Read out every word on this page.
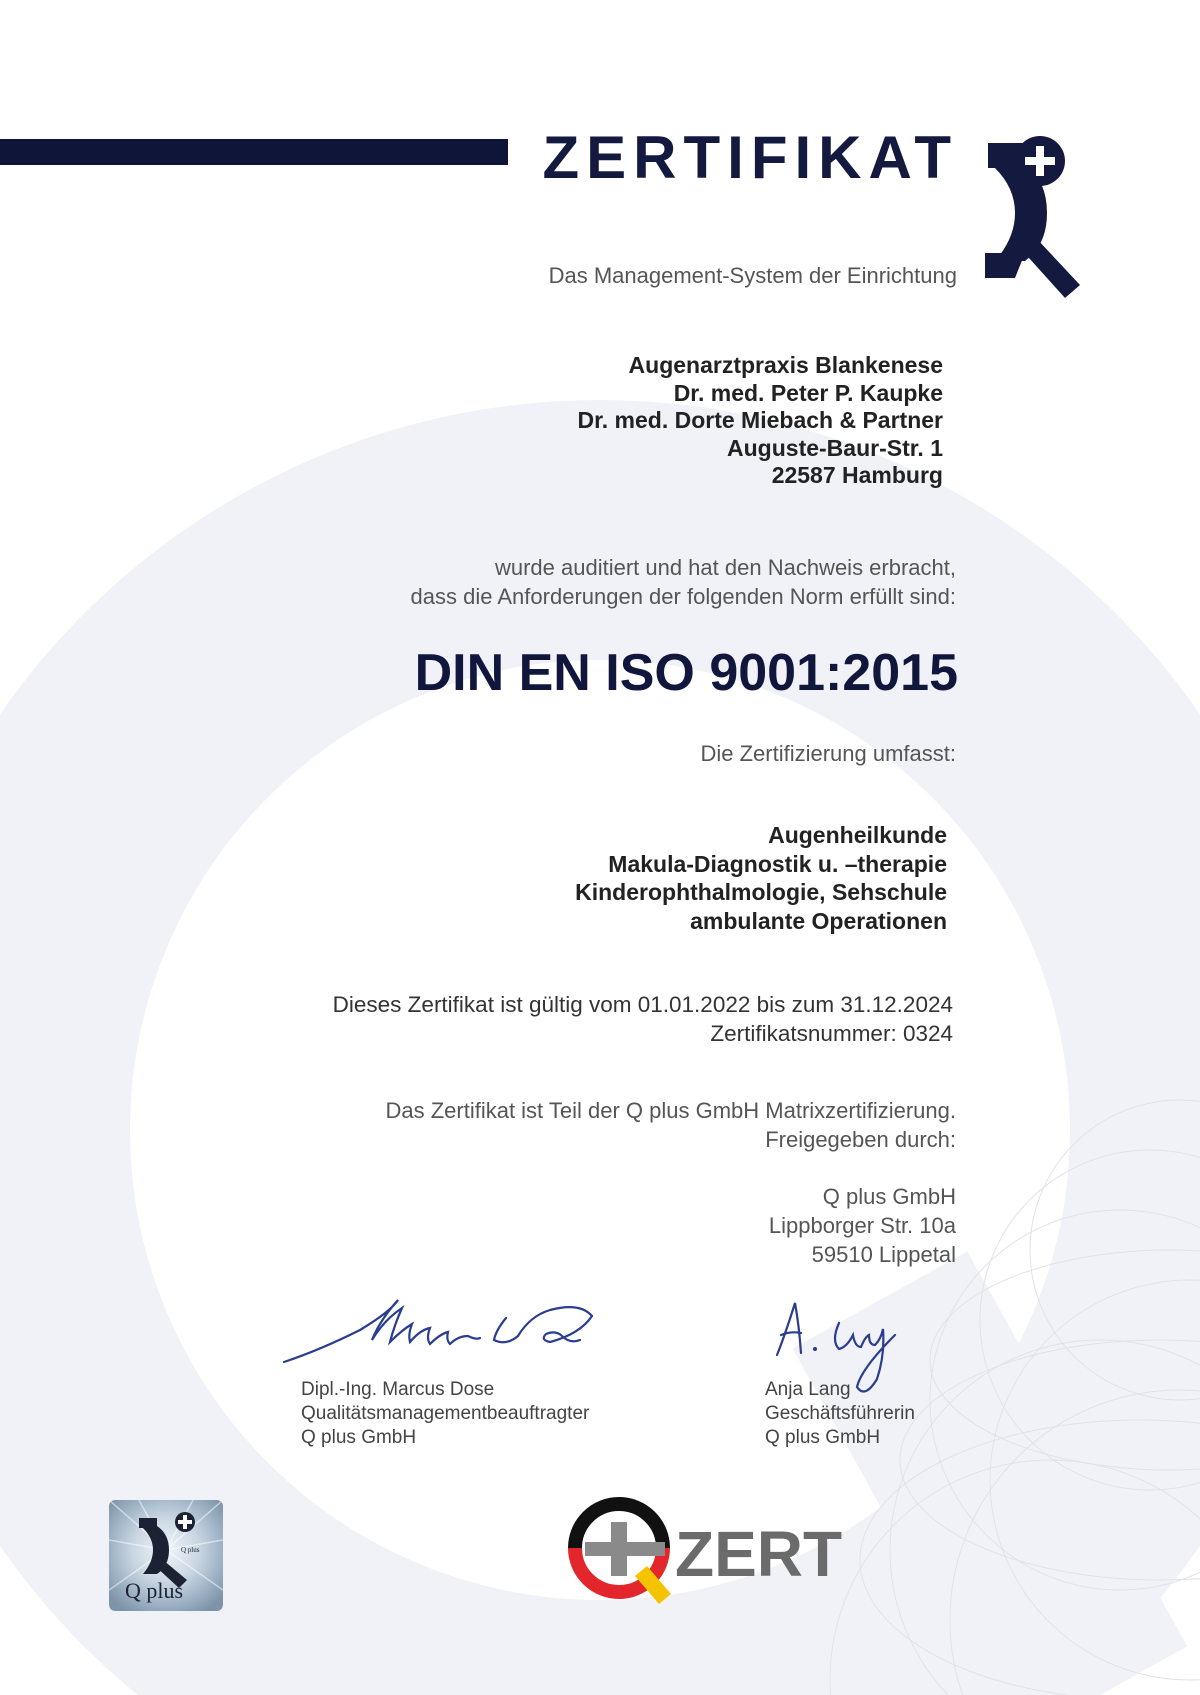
ZERTIFIKAT
Das Management-System der Einrichtung
Augenarztpraxis Blankenese
Dr. med. Peter P. Kaupke
Dr. med. Dorte Miebach & Partner
Auguste-Baur-Str. 1
22587 Hamburg
wurde auditiert und hat den Nachweis erbracht,
dass die Anforderungen der folgenden Norm erfüllt sind:
DIN EN ISO 9001:2015
Die Zertifizierung umfasst:
Augenheilkunde
Makula-Diagnostik u. –therapie
Kinderophthalmologie, Sehschule
ambulante Operationen
Dieses Zertifikat ist gültig vom 01.01.2022 bis zum 31.12.2024
Zertifikatsnummer: 0324
Das Zertifikat ist Teil der Q plus GmbH Matrixzertifizierung.
Freigegeben durch:
Q plus GmbH
Lippborger Str. 10a
59510 Lippetal
Dipl.-Ing. Marcus Dose
Qualitätsmanagementbeauftragter
Q plus GmbH
Anja Lang
Geschäftsführerin
Q plus GmbH
Q plus
Q plus
ZERT
